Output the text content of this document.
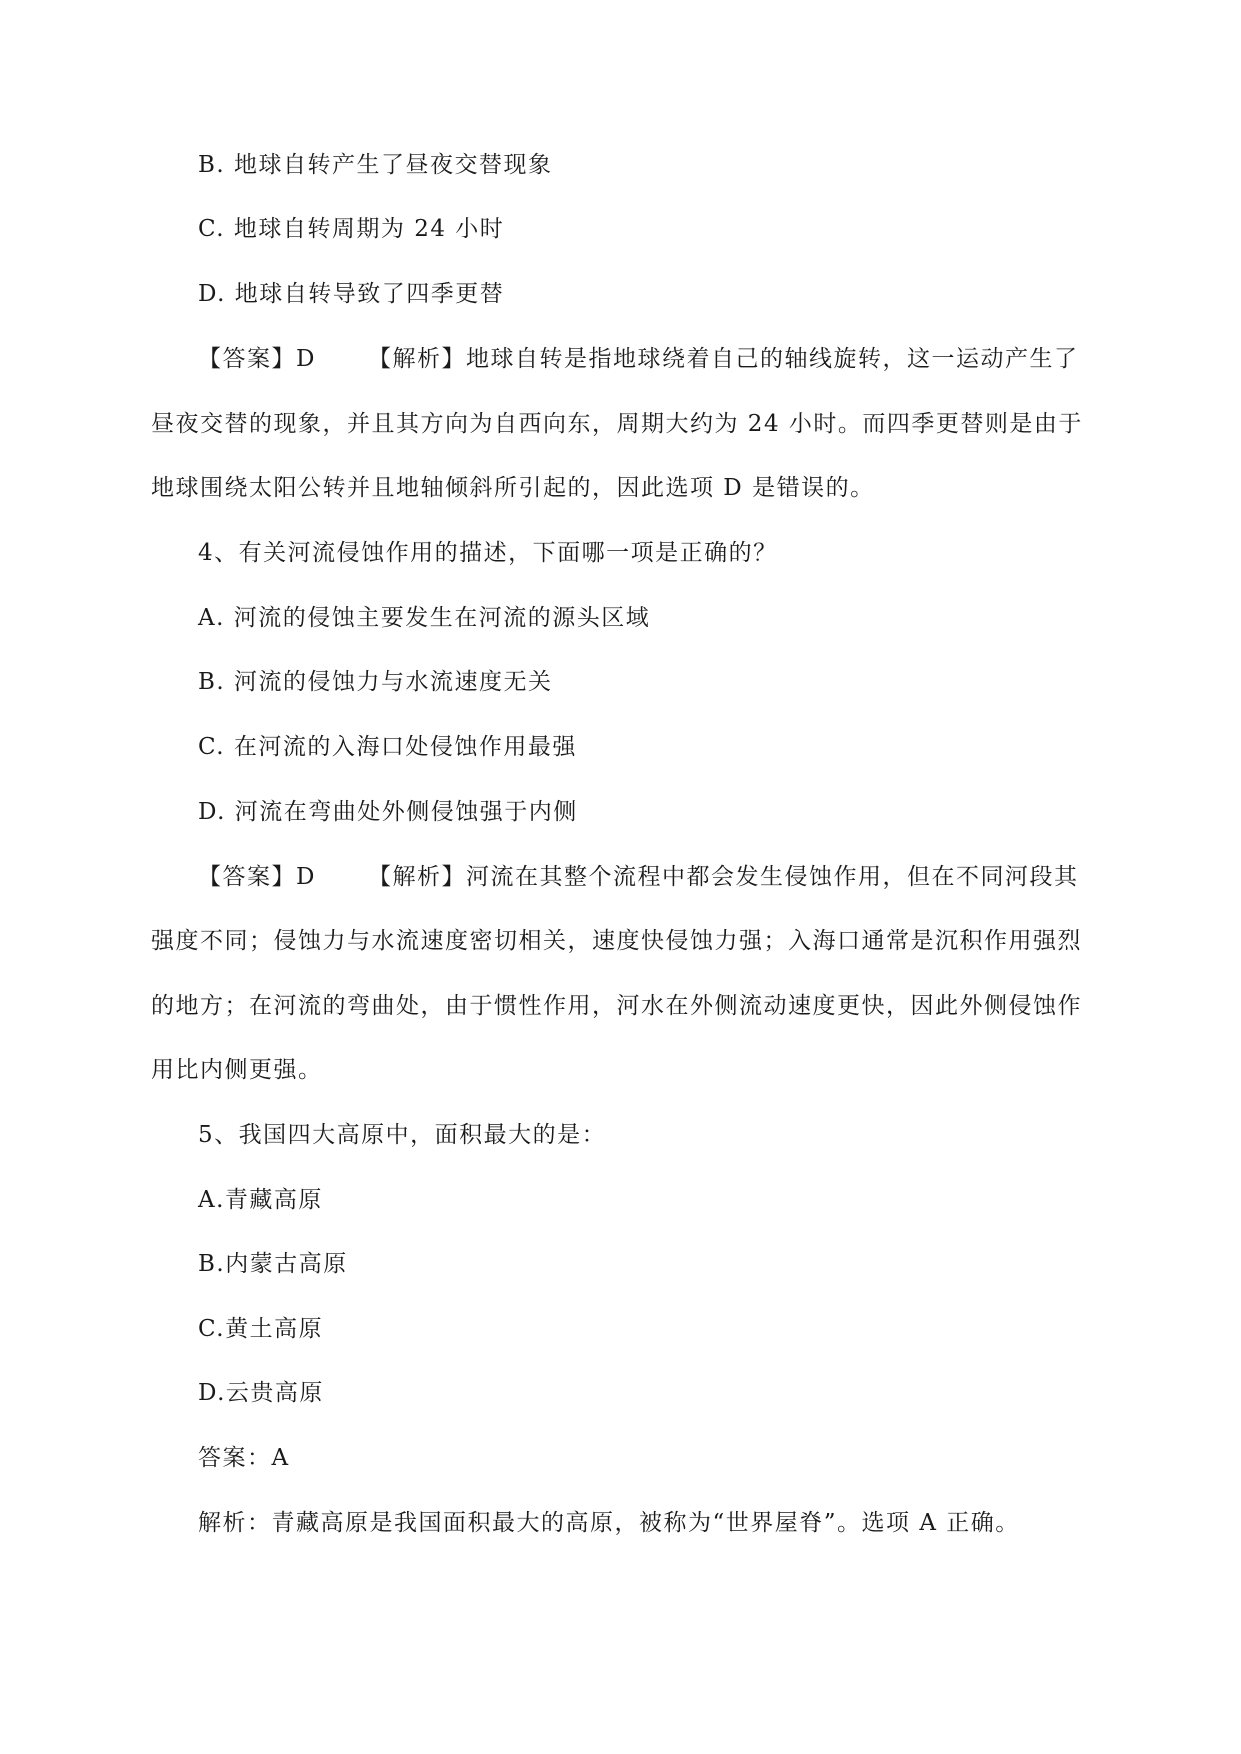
B. 地球自转产生了昼夜交替现象
C. 地球自转周期为 24 小时
D. 地球自转导致了四季更替
【答案】D 【解析】地球自转是指地球绕着自己的轴线旋转，这一运动产生了
昼夜交替的现象，并且其方向为自西向东，周期大约为 24 小时。而四季更替则是由于
地球围绕太阳公转并且地轴倾斜所引起的，因此选项 D 是错误的。
4、有关河流侵蚀作用的描述，下面哪一项是正确的？
A. 河流的侵蚀主要发生在河流的源头区域
B. 河流的侵蚀力与水流速度无关
C. 在河流的入海口处侵蚀作用最强
D. 河流在弯曲处外侧侵蚀强于内侧
【答案】D 【解析】河流在其整个流程中都会发生侵蚀作用，但在不同河段其
强度不同；侵蚀力与水流速度密切相关，速度快侵蚀力强；入海口通常是沉积作用强烈
的地方；在河流的弯曲处，由于惯性作用，河水在外侧流动速度更快，因此外侧侵蚀作
用比内侧更强。
5、我国四大高原中，面积最大的是：
A.青藏高原
B.内蒙古高原
C.黄土高原
D.云贵高原
答案：A
解析：青藏高原是我国面积最大的高原，被称为“世界屋脊”。选项 A 正确。
